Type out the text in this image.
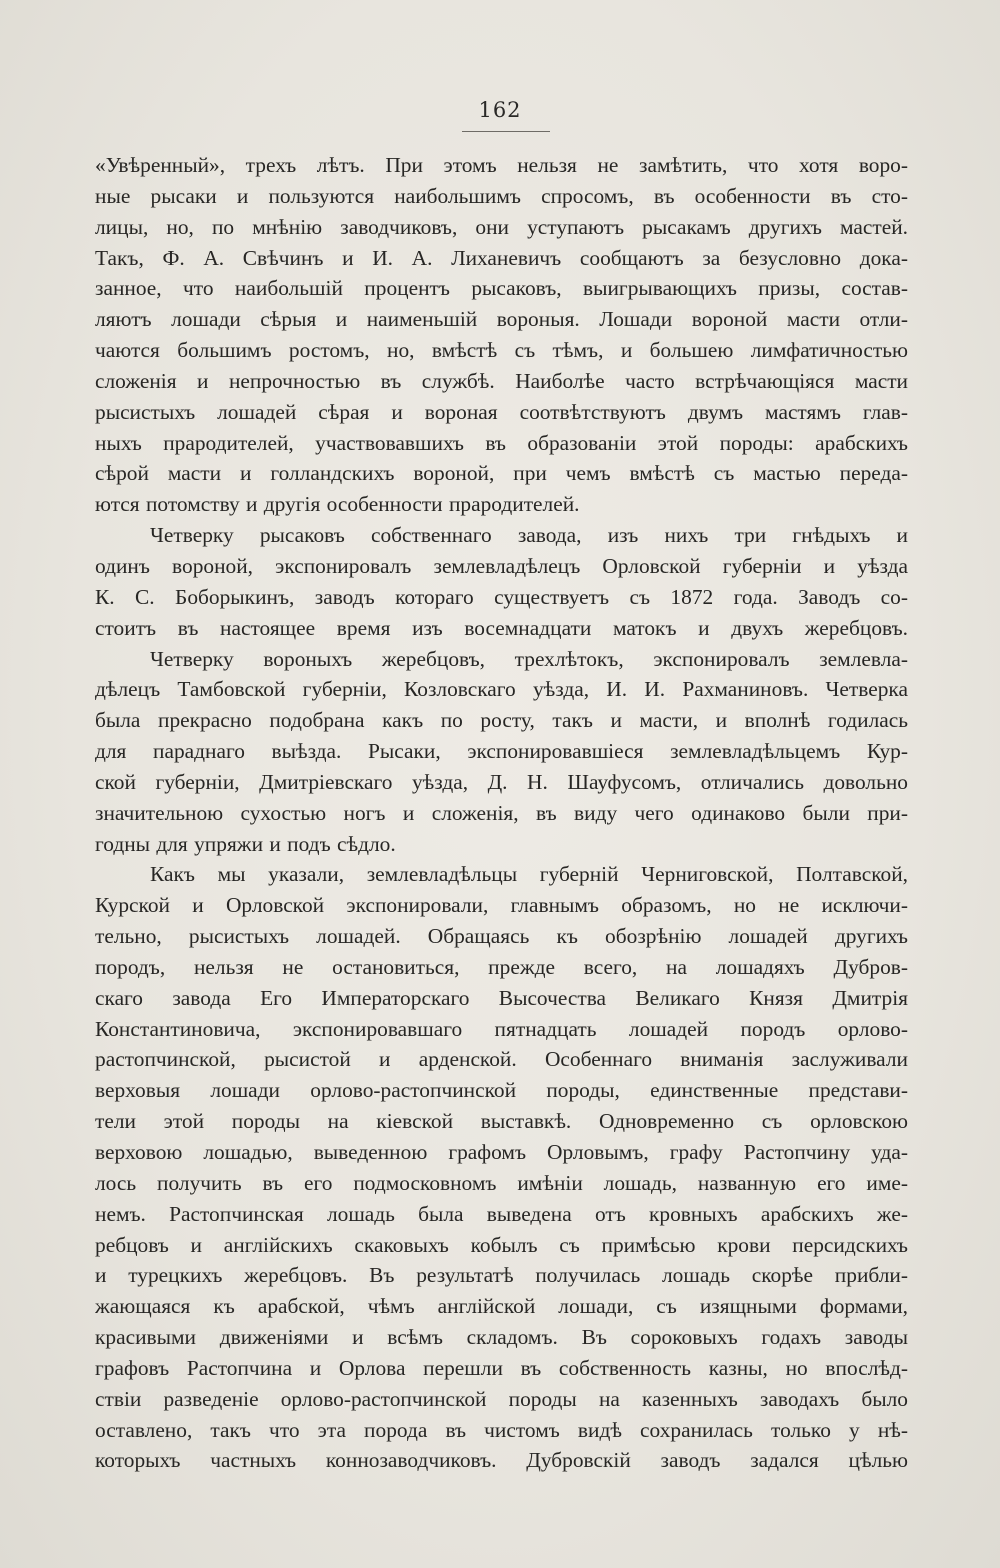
162

«Увѣренный», трехъ лѣтъ. При этомъ нельзя не замѣтить, что хотя воро-
ные рысаки и пользуются наибольшимъ спросомъ, въ особенности въ сто-
лицы, но, по мнѣнію заводчиковъ, они уступаютъ рысакамъ другихъ мастей.
Такъ, Ф. А. Свѣчинъ и И. А. Лиханевичъ сообщаютъ за безусловно дока-
занное, что наибольшій процентъ рысаковъ, выигрывающихъ призы, состав-
ляютъ лошади сѣрыя и наименьшій вороныя. Лошади вороной масти отли-
чаются большимъ ростомъ, но, вмѣстѣ съ тѣмъ, и большею лимфатичностью
сложенія и непрочностью въ службѣ. Наиболѣе часто встрѣчающіяся масти
рысистыхъ лошадей сѣрая и вороная соотвѣтствуютъ двумъ мастямъ глав-
ныхъ прародителей, участвовавшихъ въ образованіи этой породы: арабскихъ
сѣрой масти и голландскихъ вороной, при чемъ вмѣстѣ съ мастью переда-
ются потомству и другія особенности прародителей.
Четверку рысаковъ собственнаго завода, изъ нихъ три гнѣдыхъ и
одинъ вороной, экспонировалъ землевладѣлецъ Орловской губерніи и уѣзда
К. С. Боборыкинъ, заводъ котораго существуетъ съ 1872 года. Заводъ со-
стоитъ въ настоящее время изъ восемнадцати матокъ и двухъ жеребцовъ.
Четверку вороныхъ жеребцовъ, трехлѣтокъ, экспонировалъ землевла-
дѣлецъ Тамбовской губерніи, Козловскаго уѣзда, И. И. Рахманиновъ. Четверка
была прекрасно подобрана какъ по росту, такъ и масти, и вполнѣ годилась
для параднаго выѣзда. Рысаки, экспонировавшіеся землевладѣльцемъ Кур-
ской губерніи, Дмитріевскаго уѣзда, Д. Н. Шауфусомъ, отличались довольно
значительною сухостью ногъ и сложенія, въ виду чего одинаково были при-
годны для упряжи и подъ сѣдло.
Какъ мы указали, землевладѣльцы губерній Черниговской, Полтавской,
Курской и Орловской экспонировали, главнымъ образомъ, но не исключи-
тельно, рысистыхъ лошадей. Обращаясь къ обозрѣнію лошадей другихъ
породъ, нельзя не остановиться, прежде всего, на лошадяхъ Дубров-
скаго завода Его Императорскаго Высочества Великаго Князя Дмитрія
Константиновича, экспонировавшаго пятнадцать лошадей породъ орлово-
растопчинской, рысистой и арденской. Особеннаго вниманія заслуживали
верховыя лошади орлово-растопчинской породы, единственные представи-
тели этой породы на кіевской выставкѣ. Одновременно съ орловскою
верховою лошадью, выведенною графомъ Орловымъ, графу Растопчину уда-
лось получить въ его подмосковномъ имѣніи лошадь, названную его име-
немъ. Растопчинская лошадь была выведена отъ кровныхъ арабскихъ же-
ребцовъ и англійскихъ скаковыхъ кобылъ съ примѣсью крови персидскихъ
и турецкихъ жеребцовъ. Въ результатѣ получилась лошадь скорѣе прибли-
жающаяся къ арабской, чѣмъ англійской лошади, съ изящными формами,
красивыми движеніями и всѣмъ складомъ. Въ сороковыхъ годахъ заводы
графовъ Растопчина и Орлова перешли въ собственность казны, но впослѣд-
ствіи разведеніе орлово-растопчинской породы на казенныхъ заводахъ было
оставлено, такъ что эта порода въ чистомъ видѣ сохранилась только у нѣ-
которыхъ частныхъ коннозаводчиковъ. Дубровскій заводъ задался цѣлью
